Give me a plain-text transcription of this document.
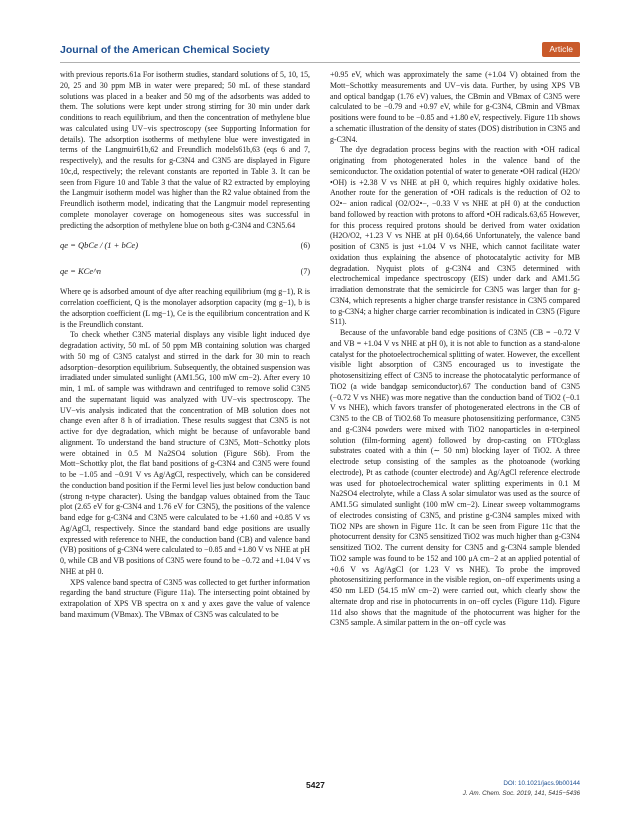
Journal of the American Chemical Society	Article

with previous reports.61a For isotherm studies, standard solutions of 5, 10, 15, 20, 25 and 30 ppm MB in water were prepared; 50 mL of these standard solutions was placed in a beaker and 50 mg of the adsorbents was added to them. The solutions were kept under strong stirring for 30 min under dark conditions to reach equilibrium, and then the concentration of methylene blue was calculated using UV−vis spectroscopy (see Supporting Information for details). The adsorption isotherms of methylene blue were investigated in terms of the Langmuir61b,62 and Freundlich models61b,63 (eqs 6 and 7, respectively), and the results for g-C3N4 and C3N5 are displayed in Figure 10c,d, respectively; the relevant constants are reported in Table 3. It can be seen from Figure 10 and Table 3 that the value of R2 extracted by employing the Langmuir isotherm model was higher than the R2 value obtained from the Freundlich isotherm model, indicating that the Langmuir model representing complete monolayer coverage on homogeneous sites was successful in predicting the adsorption of methylene blue on both g-C3N4 and C3N5.64

qe = QbCe / (1 + bCe)	(6)
qe = KCe^n	(7)

Where qe is adsorbed amount of dye after reaching equilibrium (mg g−1), R is correlation coefficient, Q is the monolayer adsorption capacity (mg g−1), b is the adsorption coefficient (L mg−1), Ce is the equilibrium concentration and K is the Freundlich constant.

To check whether C3N5 material displays any visible light induced dye degradation activity, 50 mL of 50 ppm MB containing solution was charged with 50 mg of C3N5 catalyst and stirred in the dark for 30 min to reach adsorption−desorption equilibrium. Subsequently, the obtained suspension was irradiated under simulated sunlight (AM1.5G, 100 mW cm−2). After every 10 min, 1 mL of sample was withdrawn and centrifuged to remove solid C3N5 and the supernatant liquid was analyzed with UV−vis spectroscopy. The UV−vis analysis indicated that the concentration of MB solution does not change even after 8 h of irradiation. These results suggest that C3N5 is not active for dye degradation, which might be because of unfavorable band alignment. To understand the band structure of C3N5, Mott−Schottky plots were obtained in 0.5 M Na2SO4 solution (Figure S6b). From the Mott−Schottky plot, the flat band positions of g-C3N4 and C3N5 were found to be −1.05 and −0.91 V vs Ag/AgCl, respectively, which can be considered the conduction band position if the Fermi level lies just below conduction band (strong n-type character). Using the bandgap values obtained from the Tauc plot (2.65 eV for g-C3N4 and 1.76 eV for C3N5), the positions of the valence band edge for g-C3N4 and C3N5 were calculated to be +1.60 and +0.85 V vs Ag/AgCl, respectively. Since the standard band edge positions are usually expressed with reference to NHE, the conduction band (CB) and valence band (VB) positions of g-C3N4 were calculated to −0.85 and +1.80 V vs NHE at pH 0, while CB and VB positions of C3N5 were found to be −0.72 and +1.04 V vs NHE at pH 0.

XPS valence band spectra of C3N5 was collected to get further information regarding the band structure (Figure 11a). The intersecting point obtained by extrapolation of XPS VB spectra on x and y axes gave the value of valence band maximum (VBmax). The VBmax of C3N5 was calculated to be

+0.95 eV, which was approximately the same (+1.04 V) obtained from the Mott−Schottky measurements and UV−vis data. Further, by using XPS VB and optical bandgap (1.76 eV) values, the CBmin and VBmax of C3N5 were calculated to be −0.79 and +0.97 eV, while for g-C3N4, CBmin and VBmax positions were found to be −0.85 and +1.80 eV, respectively. Figure 11b shows a schematic illustration of the density of states (DOS) distribution in C3N5 and g-C3N4.

The dye degradation process begins with the reaction with •OH radical originating from photogenerated holes in the valence band of the semiconductor. The oxidation potential of water to generate •OH radical (H2O/•OH) is +2.38 V vs NHE at pH 0, which requires highly oxidative holes. Another route for the generation of •OH radicals is the reduction of O2 to O2•− anion radical (O2/O2•−, −0.33 V vs NHE at pH 0) at the conduction band followed by reaction with protons to afford •OH radicals.63,65 However, for this process required protons should be derived from water oxidation (H2O/O2, +1.23 V vs NHE at pH 0).64,66 Unfortunately, the valence band position of C3N5 is just +1.04 V vs NHE, which cannot facilitate water oxidation thus explaining the absence of photocatalytic activity for MB degradation. Nyquist plots of g-C3N4 and C3N5 determined with electrochemical impedance spectroscopy (EIS) under dark and AM1.5G irradiation demonstrate that the semicircle for C3N5 was larger than for g-C3N4, which represents a higher charge transfer resistance in C3N5 compared to g-C3N4; a higher charge carrier recombination is indicated in C3N5 (Figure S11).

Because of the unfavorable band edge positions of C3N5 (CB = −0.72 V and VB = +1.04 V vs NHE at pH 0), it is not able to function as a stand-alone catalyst for the photoelectrochemical splitting of water. However, the excellent visible light absorption of C3N5 encouraged us to investigate the photosensitizing effect of C3N5 to increase the photocatalytic performance of TiO2 (a wide bandgap semiconductor).67 The conduction band of C3N5 (−0.72 V vs NHE) was more negative than the conduction band of TiO2 (−0.1 V vs NHE), which favors transfer of photogenerated electrons in the CB of C3N5 to the CB of TiO2.68 To measure photosensitizing performance, C3N5 and g-C3N4 powders were mixed with TiO2 nanoparticles in α-terpineol solution (film-forming agent) followed by drop-casting on FTO:glass substrates coated with a thin (∼ 50 nm) blocking layer of TiO2. A three electrode setup consisting of the samples as the photoanode (working electrode), Pt as cathode (counter electrode) and Ag/AgCl reference electrode was used for photoelectrochemical water splitting experiments in 0.1 M Na2SO4 electrolyte, while a Class A solar simulator was used as the source of AM1.5G simulated sunlight (100 mW cm−2). Linear sweep voltammograms of electrodes consisting of C3N5, and pristine g-C3N4 samples mixed with TiO2 NPs are shown in Figure 11c. It can be seen from Figure 11c that the photocurrent density for C3N5 sensitized TiO2 was much higher than g-C3N4 sensitized TiO2. The current density for C3N5 and g-C3N4 sample blended TiO2 sample was found to be 152 and 100 μA cm−2 at an applied potential of +0.6 V vs Ag/AgCl (or 1.23 V vs NHE). To probe the improved photosensitizing performance in the visible region, on−off experiments using a 450 nm LED (54.15 mW cm−2) were carried out, which clearly show the alternate drop and rise in photocurrents in on−off cycles (Figure 11d). Figure 11d also shows that the magnitude of the photocurrent was higher for the C3N5 sample. A similar pattern in the on−off cycle was

5427	DOI: 10.1021/jacs.9b00144
J. Am. Chem. Soc. 2019, 141, 5415−5436
